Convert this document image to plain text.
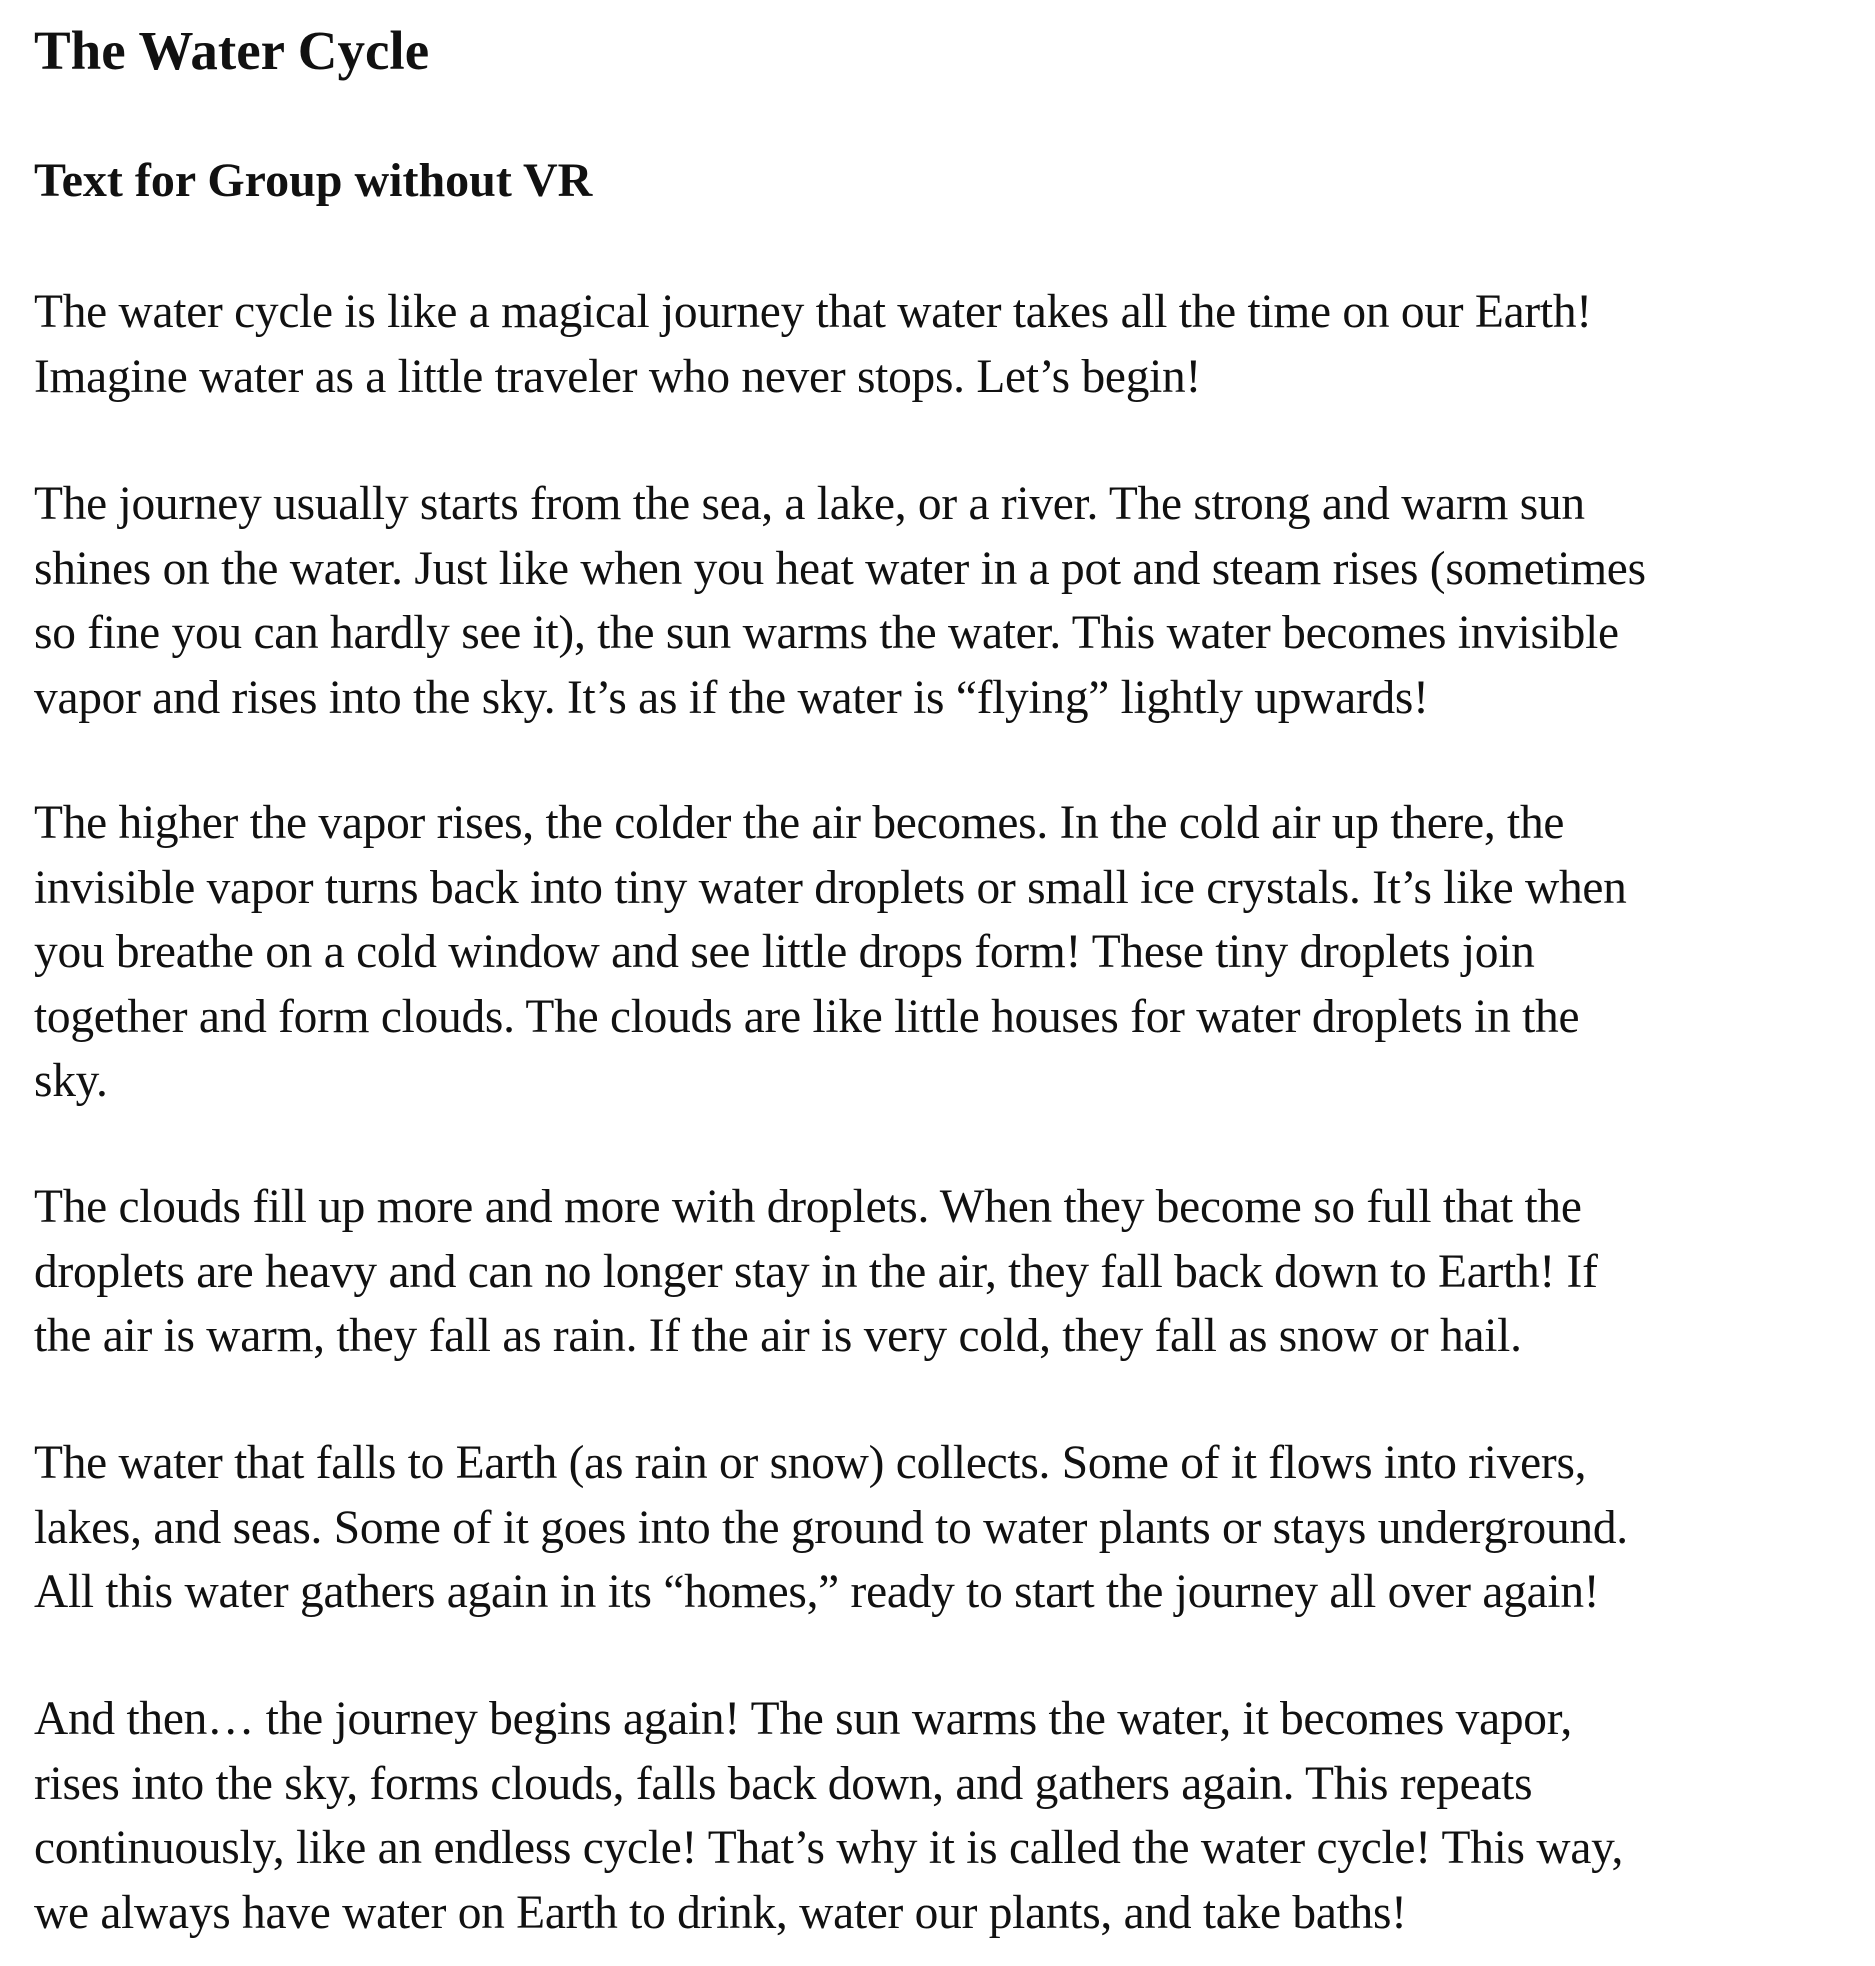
The Water Cycle
Text for Group without VR

The water cycle is like a magical journey that water takes all the time on our Earth!
Imagine water as a little traveler who never stops. Let’s begin!

The journey usually starts from the sea, a lake, or a river. The strong and warm sun
shines on the water. Just like when you heat water in a pot and steam rises (sometimes
so fine you can hardly see it), the sun warms the water. This water becomes invisible
vapor and rises into the sky. It’s as if the water is “flying” lightly upwards!

The higher the vapor rises, the colder the air becomes. In the cold air up there, the
invisible vapor turns back into tiny water droplets or small ice crystals. It’s like when
you breathe on a cold window and see little drops form! These tiny droplets join
together and form clouds. The clouds are like little houses for water droplets in the
sky.

The clouds fill up more and more with droplets. When they become so full that the
droplets are heavy and can no longer stay in the air, they fall back down to Earth! If
the air is warm, they fall as rain. If the air is very cold, they fall as snow or hail.

The water that falls to Earth (as rain or snow) collects. Some of it flows into rivers,
lakes, and seas. Some of it goes into the ground to water plants or stays underground.
All this water gathers again in its “homes,” ready to start the journey all over again!

And then… the journey begins again! The sun warms the water, it becomes vapor,
rises into the sky, forms clouds, falls back down, and gathers again. This repeats
continuously, like an endless cycle! That’s why it is called the water cycle! This way,
we always have water on Earth to drink, water our plants, and take baths!
